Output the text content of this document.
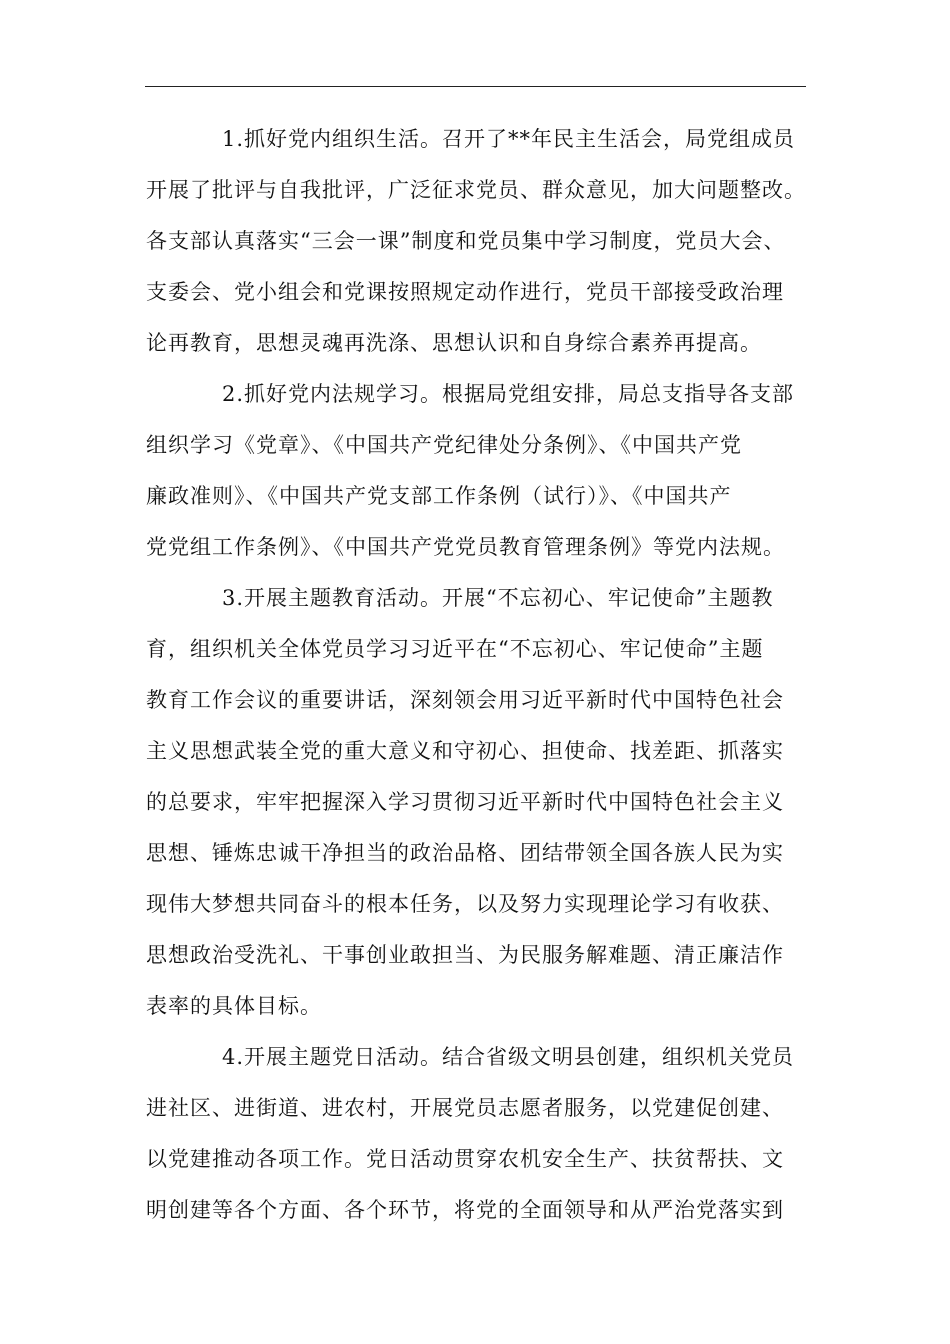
1.抓好党内组织生活。召开了**年民主生活会，局党组成员
开展了批评与自我批评，广泛征求党员、群众意见，加大问题整改。
各支部认真落实“三会一课”制度和党员集中学习制度，党员大会、
支委会、党小组会和党课按照规定动作进行，党员干部接受政治理
论再教育，思想灵魂再洗涤、思想认识和自身综合素养再提高。
2.抓好党内法规学习。根据局党组安排，局总支指导各支部
组织学习《党章》、《中国共产党纪律处分条例》、《中国共产党
廉政准则》、《中国共产党支部工作条例（试行）》、《中国共产
党党组工作条例》、《中国共产党党员教育管理条例》等党内法规。
3.开展主题教育活动。开展“不忘初心、牢记使命”主题教
育，组织机关全体党员学习习近平在“不忘初心、牢记使命”主题
教育工作会议的重要讲话，深刻领会用习近平新时代中国特色社会
主义思想武装全党的重大意义和守初心、担使命、找差距、抓落实
的总要求，牢牢把握深入学习贯彻习近平新时代中国特色社会主义
思想、锤炼忠诚干净担当的政治品格、团结带领全国各族人民为实
现伟大梦想共同奋斗的根本任务，以及努力实现理论学习有收获、
思想政治受洗礼、干事创业敢担当、为民服务解难题、清正廉洁作
表率的具体目标。
4.开展主题党日活动。结合省级文明县创建，组织机关党员
进社区、进街道、进农村，开展党员志愿者服务，以党建促创建、
以党建推动各项工作。党日活动贯穿农机安全生产、扶贫帮扶、文
明创建等各个方面、各个环节，将党的全面领导和从严治党落实到
